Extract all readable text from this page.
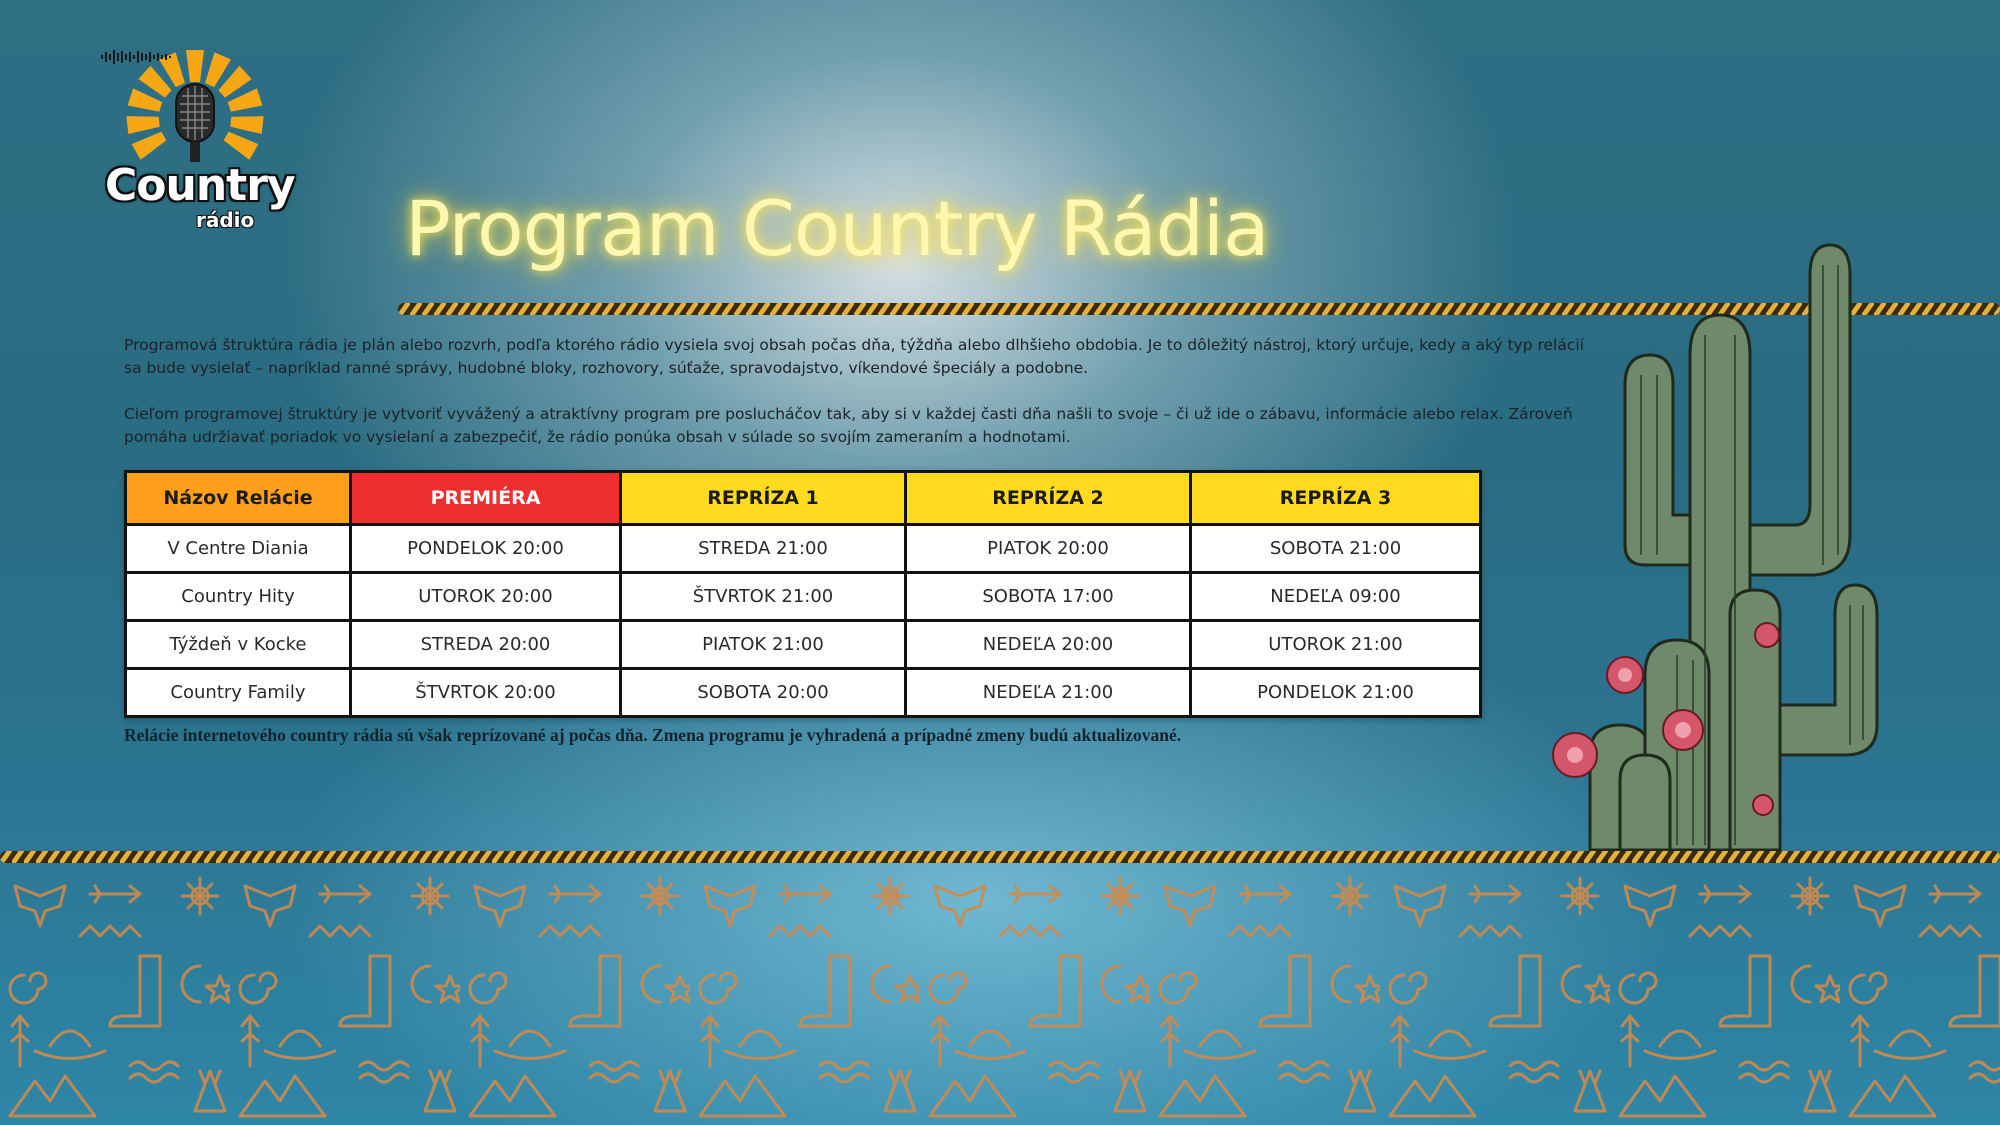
Country
rádio Program Country Rádia

Programová štruktúra rádia je plán alebo rozvrh, podľa ktorého rádio vysiela svoj obsah počas dňa, týždňa alebo dlhšieho obdobia. Je to dôležitý nástroj, ktorý určuje, kedy a aký typ relácií sa bude vysielať – napríklad ranné správy, hudobné bloky, rozhovory, súťaže, spravodajstvo, víkendové špeciály a podobne.

Cieľom programovej štruktúry je vytvoriť vyvážený a atraktívny program pre poslucháčov tak, aby si v každej časti dňa našli to svoje – či už ide o zábavu, informácie alebo relax. Zároveň pomáha udržiavať poriadok vo vysielaní a zabezpečiť, že rádio ponúka obsah v súlade so svojím zameraním a hodnotami.

Názov Relácie	PREMIÉRA	REPRÍZA 1	REPRÍZA 2	REPRÍZA 3
V Centre Diania	PONDELOK 20:00	STREDA 21:00	PIATOK 20:00	SOBOTA 21:00
Country Hity	UTOROK 20:00	ŠTVRTOK 21:00	SOBOTA 17:00	NEDEĽA 09:00
Týždeň v Kocke	STREDA 20:00	PIATOK 21:00	NEDEĽA 20:00	UTOROK 21:00
Country Family	ŠTVRTOK 20:00	SOBOTA 20:00	NEDEĽA 21:00	PONDELOK 21:00

Relácie internetového country rádia sú však reprízované aj počas dňa. Zmena programu je vyhradená a prípadné zmeny budú aktualizované.
